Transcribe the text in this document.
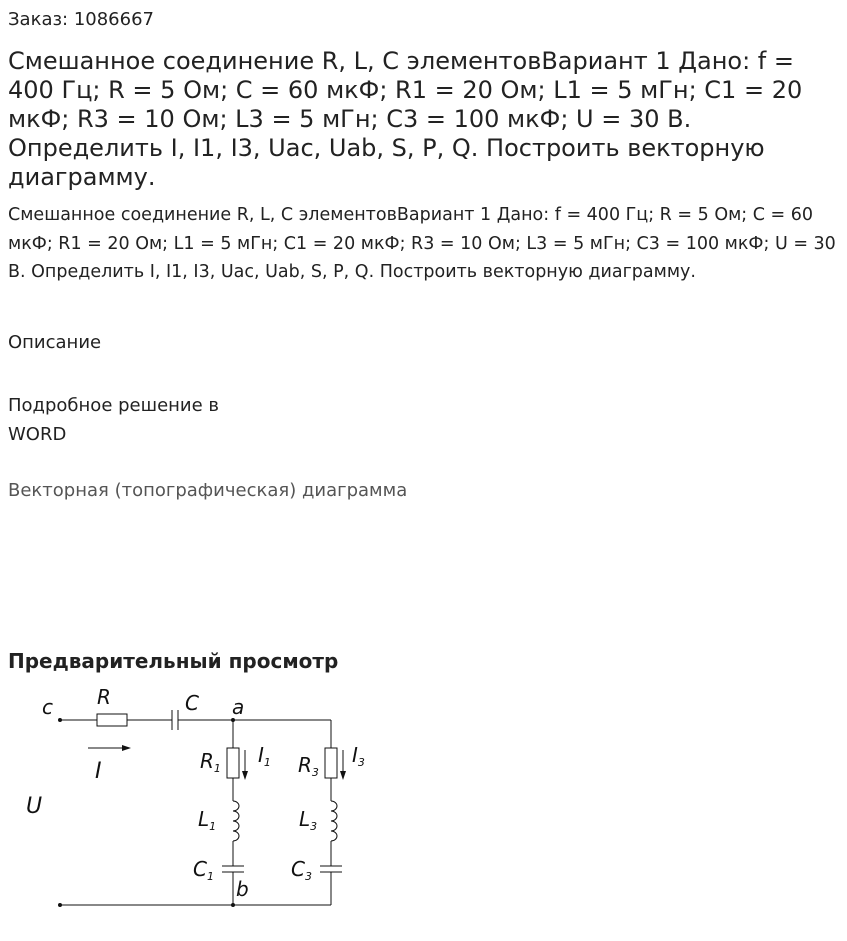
Заказ: 1086667
Смешанное соединение R, L, C элементовВариант 1 Дано: f = 400 Гц; R = 5 Ом; C = 60 мкФ; R1 = 20 Ом; L1 = 5 мГн; C1 = 20 мкФ; R3 = 10 Ом; L3 = 5 мГн; C3 = 100 мкФ; U = 30 В. Определить I, I1, I3, Uac, Uab, S, P, Q. Построить векторную диаграмму.
Смешанное соединение R, L, C элементовВариант 1 Дано: f = 400 Гц; R = 5 Ом; C = 60 мкФ; R1 = 20 Ом; L1 = 5 мГн; C1 = 20 мкФ; R3 = 10 Ом; L3 = 5 мГн; C3 = 100 мкФ; U = 30 В. Определить I, I1, I3, Uac, Uab, S, P, Q. Построить векторную диаграмму.
Описание
Подробное решение в WORD
Векторная (топографическая) диаграмма
Предварительный просмотр
c R	C a
I
U
$R_1$
$I_1$
$L_1$
$C_1$
b
$R_3$
$I_3$
$L_3$
$C_3$
